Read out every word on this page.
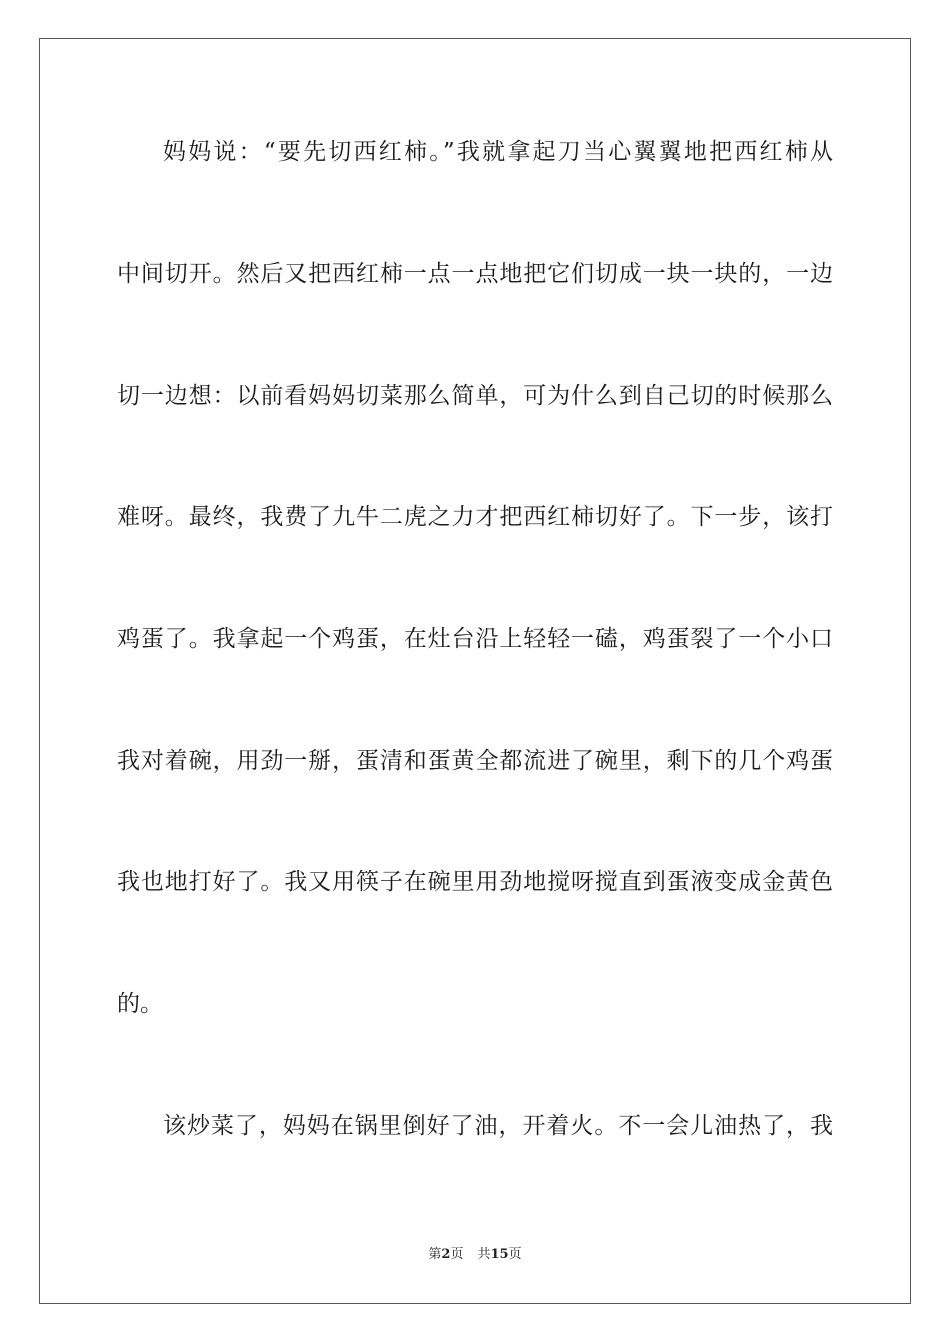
妈妈说：“要先切西红柿。”我就拿起刀当心翼翼地把西红柿从
中间切开。然后又把西红柿一点一点地把它们切成一块一块的，一边
切一边想：以前看妈妈切菜那么简单，可为什么到自己切的时候那么
难呀。最终，我费了九牛二虎之力才把西红柿切好了。下一步，该打
鸡蛋了。我拿起一个鸡蛋，在灶台沿上轻轻一磕，鸡蛋裂了一个小口
我对着碗，用劲一掰，蛋清和蛋黄全都流进了碗里，剩下的几个鸡蛋
我也地打好了。我又用筷子在碗里用劲地搅呀搅直到蛋液变成金黄色
的。
该炒菜了，妈妈在锅里倒好了油，开着火。不一会儿油热了，我
第2页 共15页
